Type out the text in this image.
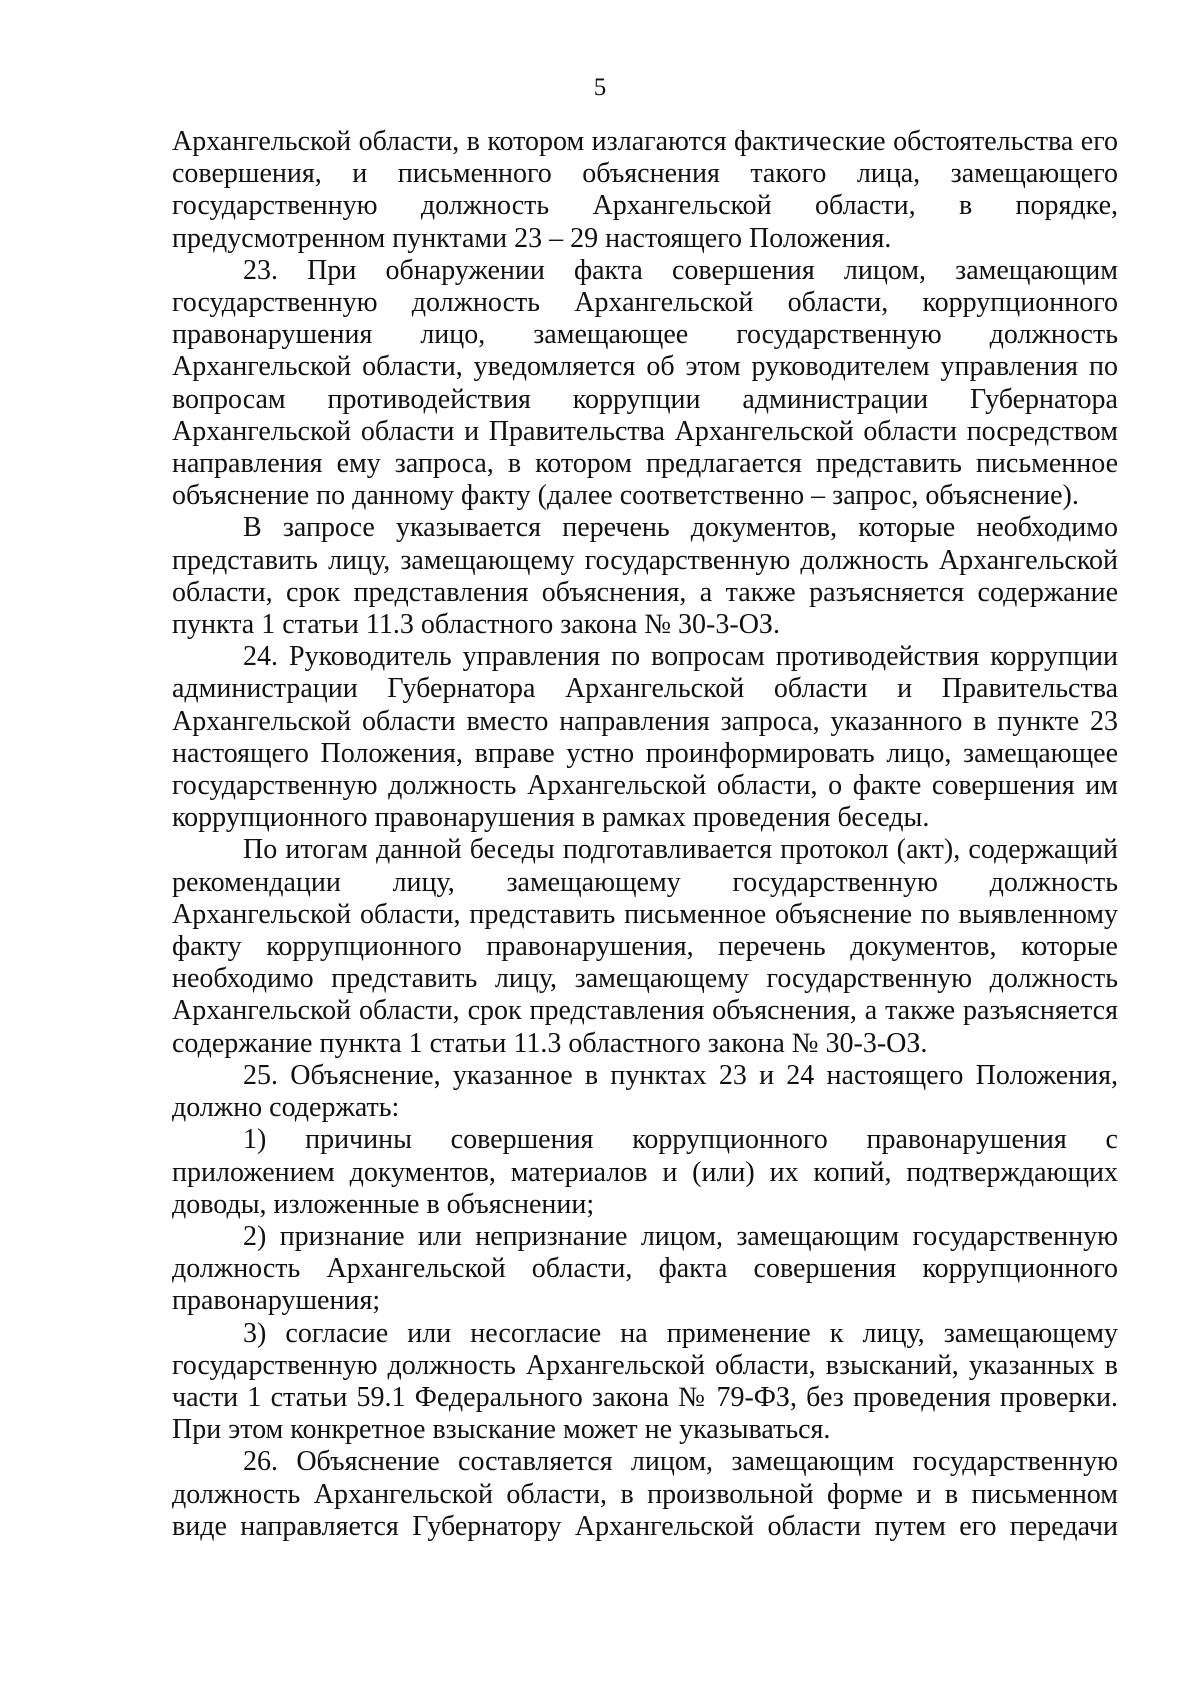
5

Архангельской области, в котором излагаются фактические обстоятельства его совершения, и письменного объяснения такого лица, замещающего государственную должность Архангельской области, в порядке, предусмотренном пунктами 23 – 29 настоящего Положения.

23. При обнаружении факта совершения лицом, замещающим государственную должность Архангельской области, коррупционного правонарушения лицо, замещающее государственную должность Архангельской области, уведомляется об этом руководителем управления по вопросам противодействия коррупции администрации Губернатора Архангельской области и Правительства Архангельской области посредством направления ему запроса, в котором предлагается представить письменное объяснение по данному факту (далее соответственно – запрос, объяснение).

В запросе указывается перечень документов, которые необходимо представить лицу, замещающему государственную должность Архангельской области, срок представления объяснения, а также разъясняется содержание пункта 1 статьи 11.3 областного закона № 30-3-ОЗ.

24. Руководитель управления по вопросам противодействия коррупции администрации Губернатора Архангельской области и Правительства Архангельской области вместо направления запроса, указанного в пункте 23 настоящего Положения, вправе устно проинформировать лицо, замещающее государственную должность Архангельской области, о факте совершения им коррупционного правонарушения в рамках проведения беседы.

По итогам данной беседы подготавливается протокол (акт), содержащий рекомендации лицу, замещающему государственную должность Архангельской области, представить письменное объяснение по выявленному факту коррупционного правонарушения, перечень документов, которые необходимо представить лицу, замещающему государственную должность Архангельской области, срок представления объяснения, а также разъясняется содержание пункта 1 статьи 11.3 областного закона № 30-3-ОЗ.

25. Объяснение, указанное в пунктах 23 и 24 настоящего Положения, должно содержать:

1) причины совершения коррупционного правонарушения с приложением документов, материалов и (или) их копий, подтверждающих доводы, изложенные в объяснении;

2) признание или непризнание лицом, замещающим государственную должность Архангельской области, факта совершения коррупционного правонарушения;

3) согласие или несогласие на применение к лицу, замещающему государственную должность Архангельской области, взысканий, указанных в части 1 статьи 59.1 Федерального закона № 79-ФЗ, без проведения проверки. При этом конкретное взыскание может не указываться.

26. Объяснение составляется лицом, замещающим государственную должность Архангельской области, в произвольной форме и в письменном виде направляется Губернатору Архангельской области путем его передачи
